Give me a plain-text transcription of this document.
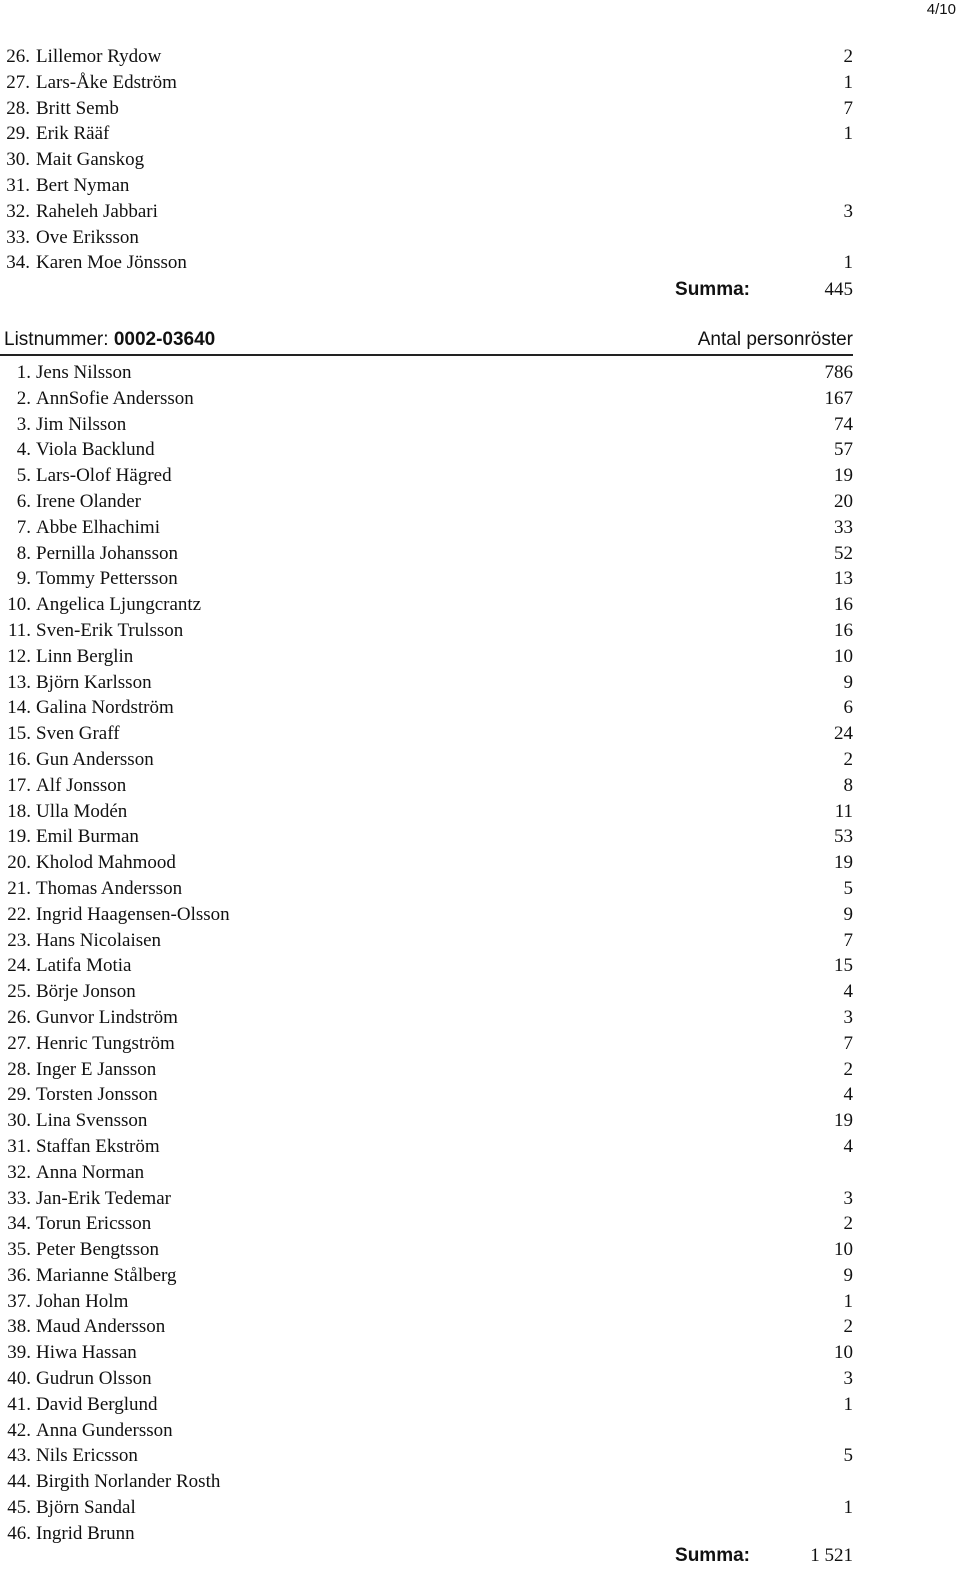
4/10
26. Lillemor Rydow	2
27. Lars-Åke Edström	1
28. Britt Semb	7
29. Erik Rääf	1
30. Mait Ganskog
31. Bert Nyman
32. Raheleh Jabbari	3
33. Ove Eriksson
34. Karen Moe Jönsson	1
Summa:	445
Listnummer: 0002-03640	Antal personröster
1. Jens Nilsson	786
2. AnnSofie Andersson	167
3. Jim Nilsson	74
4. Viola Backlund	57
5. Lars-Olof Hägred	19
6. Irene Olander	20
7. Abbe Elhachimi	33
8. Pernilla Johansson	52
9. Tommy Pettersson	13
10. Angelica Ljungcrantz	16
11. Sven-Erik Trulsson	16
12. Linn Berglin	10
13. Björn Karlsson	9
14. Galina Nordström	6
15. Sven Graff	24
16. Gun Andersson	2
17. Alf Jonsson	8
18. Ulla Modén	11
19. Emil Burman	53
20. Kholod Mahmood	19
21. Thomas Andersson	5
22. Ingrid Haagensen-Olsson	9
23. Hans Nicolaisen	7
24. Latifa Motia	15
25. Börje Jonson	4
26. Gunvor Lindström	3
27. Henric Tungström	7
28. Inger E Jansson	2
29. Torsten Jonsson	4
30. Lina Svensson	19
31. Staffan Ekström	4
32. Anna Norman
33. Jan-Erik Tedemar	3
34. Torun Ericsson	2
35. Peter Bengtsson	10
36. Marianne Stålberg	9
37. Johan Holm	1
38. Maud Andersson	2
39. Hiwa Hassan	10
40. Gudrun Olsson	3
41. David Berglund	1
42. Anna Gundersson
43. Nils Ericsson	5
44. Birgith Norlander Rosth
45. Björn Sandal	1
46. Ingrid Brunn
Summa:	1 521
